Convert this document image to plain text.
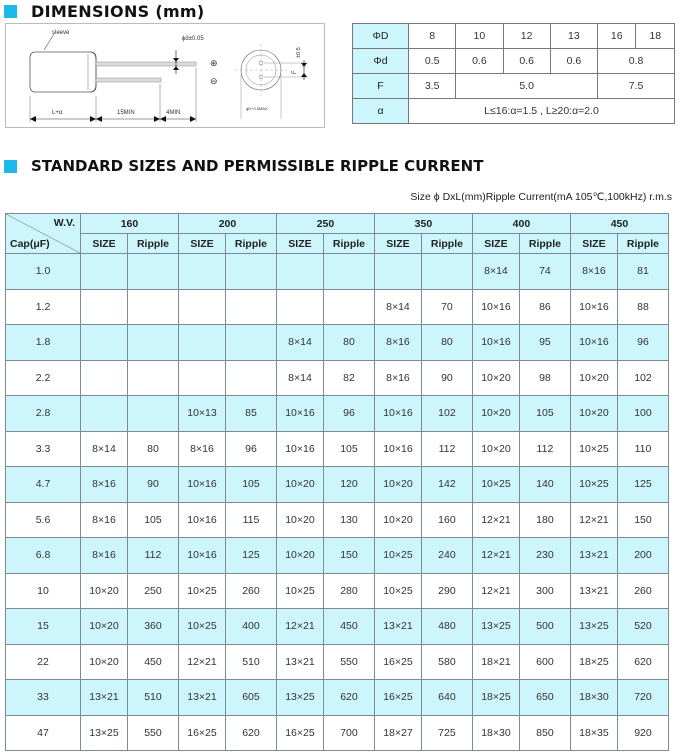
DIMENSIONS (mm)
sleeve
ϕd±0.05
L+α	15MIN	4MIN
⊕
⊖
F
±0.5
ϕD+0.5MAX
ΦD	8	10	12	13	16	18
Φd	0.5	0.6	0.6	0.6	0.8	
F	3.5	5.0			7.5	
α	L≤16:α=1.5 , L≥20:α=2.0					
STANDARD SIZES AND PERMISSIBLE RIPPLE CURRENT
Size ϕ DxL(mm)Ripple Current(mA 105℃,100kHz) r.m.s
W.V.
Cap(μF)	160		200		250		350		400		450	
	SIZE	Ripple	SIZE	Ripple	SIZE	Ripple	SIZE	Ripple	SIZE	Ripple	SIZE	Ripple
1.0									8×14	74	8×16	81
1.2							8×14	70	10×16	86	10×16	88
1.8					8×14	80	8×16	80	10×16	95	10×16	96
2.2					8×14	82	8×16	90	10×20	98	10×20	102
2.8			10×13	85	10×16	96	10×16	102	10×20	105	10×20	100
3.3	8×14	80	8×16	96	10×16	105	10×16	112	10×20	112	10×25	110
4.7	8×16	90	10×16	105	10×20	120	10×20	142	10×25	140	10×25	125
5.6	8×16	105	10×16	115	10×20	130	10×20	160	12×21	180	12×21	150
6.8	8×16	112	10×16	125	10×20	150	10×25	240	12×21	230	13×21	200
10	10×20	250	10×25	260	10×25	280	10×25	290	12×21	300	13×21	260
15	10×20	360	10×25	400	12×21	450	13×21	480	13×25	500	13×25	520
22	10×20	450	12×21	510	13×21	550	16×25	580	18×21	600	18×25	620
33	13×21	510	13×21	605	13×25	620	16×25	640	18×25	650	18×30	720
47	13×25	550	16×25	620	16×25	700	18×27	725	18×30	850	18×35	920
